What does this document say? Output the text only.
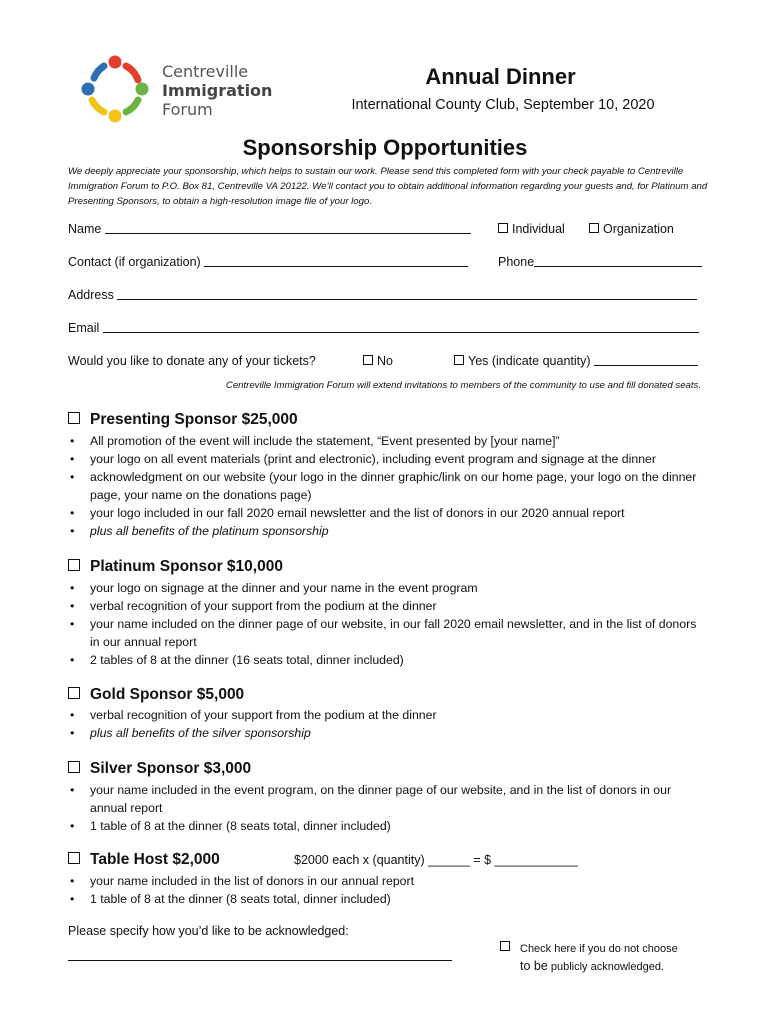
Centreville
Immigration
Forum
Annual Dinner
International County Club, September 10, 2020
Sponsorship Opportunities
We deeply appreciate your sponsorship, which helps to sustain our work. Please send this completed form with your check payable to Centreville Immigration Forum to P.O. Box 81, Centreville VA 20122. We’ll contact you to obtain additional information regarding your guests and, for Platinum and Presenting Sponsors, to obtain a high-resolution image file of your logo.
Name	Individual	Organization
Contact (if organization)	Phone
Address
Email
Would you like to donate any of your tickets?	No	Yes (indicate quantity)
Centreville Immigration Forum will extend invitations to members of the community to use and fill donated seats.
Presenting Sponsor $25,000
• All promotion of the event will include the statement, “Event presented by [your name]”
• your logo on all event materials (print and electronic), including event program and signage at the dinner
• acknowledgment on our website (your logo in the dinner graphic/link on our home page, your logo on the dinner page, your name on the donations page)
• your logo included in our fall 2020 email newsletter and the list of donors in our 2020 annual report
• plus all benefits of the platinum sponsorship
Platinum Sponsor $10,000
• your logo on signage at the dinner and your name in the event program
• verbal recognition of your support from the podium at the dinner
• your name included on the dinner page of our website, in our fall 2020 email newsletter, and in the list of donors in our annual report
• 2 tables of 8 at the dinner (16 seats total, dinner included)
Gold Sponsor $5,000
• verbal recognition of your support from the podium at the dinner
• plus all benefits of the silver sponsorship
Silver Sponsor $3,000
• your name included in the event program, on the dinner page of our website, and in the list of donors in our annual report
• 1 table of 8 at the dinner (8 seats total, dinner included)
Table Host $2,000	$2000 each x (quantity) ______ = $ ____________
• your name included in the list of donors in our annual report
• 1 table of 8 at the dinner (8 seats total, dinner included)
Please specify how you’d like to be acknowledged:
Check here if you do not choose
to be publicly acknowledged.
